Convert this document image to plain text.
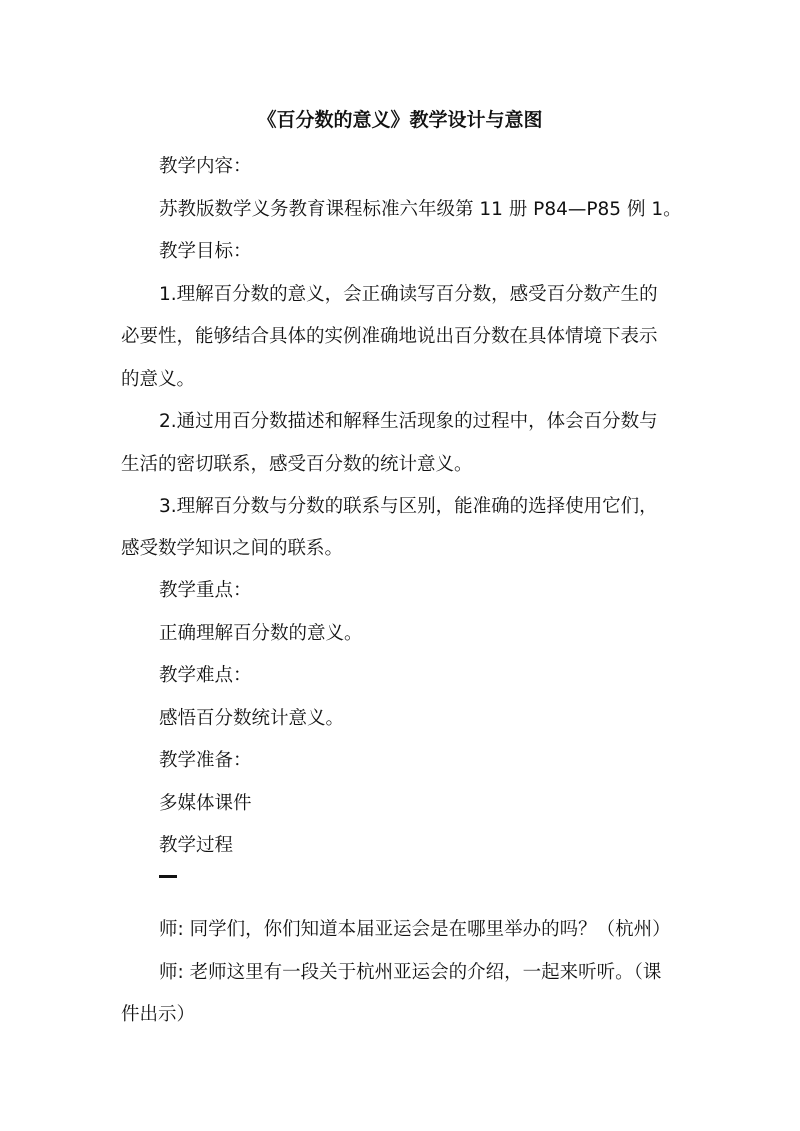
《百分数的意义》教学设计与意图
教学内容：
苏教版数学义务教育课程标准六年级第 11 册 P84—P85 例 1。
教学目标：
1.理解百分数的意义，会正确读写百分数，感受百分数产生的
必要性，能够结合具体的实例准确地说出百分数在具体情境下表示
的意义。
2.通过用百分数描述和解释生活现象的过程中，体会百分数与
生活的密切联系，感受百分数的统计意义。
3.理解百分数与分数的联系与区别，能准确的选择使用它们，
感受数学知识之间的联系。
教学重点：
正确理解百分数的意义。
教学难点：
感悟百分数统计意义。
教学准备：
多媒体课件
教学过程
师: 同学们，你们知道本届亚运会是在哪里举办的吗？（杭州）
师: 老师这里有一段关于杭州亚运会的介绍，一起来听听。（课
件出示）
